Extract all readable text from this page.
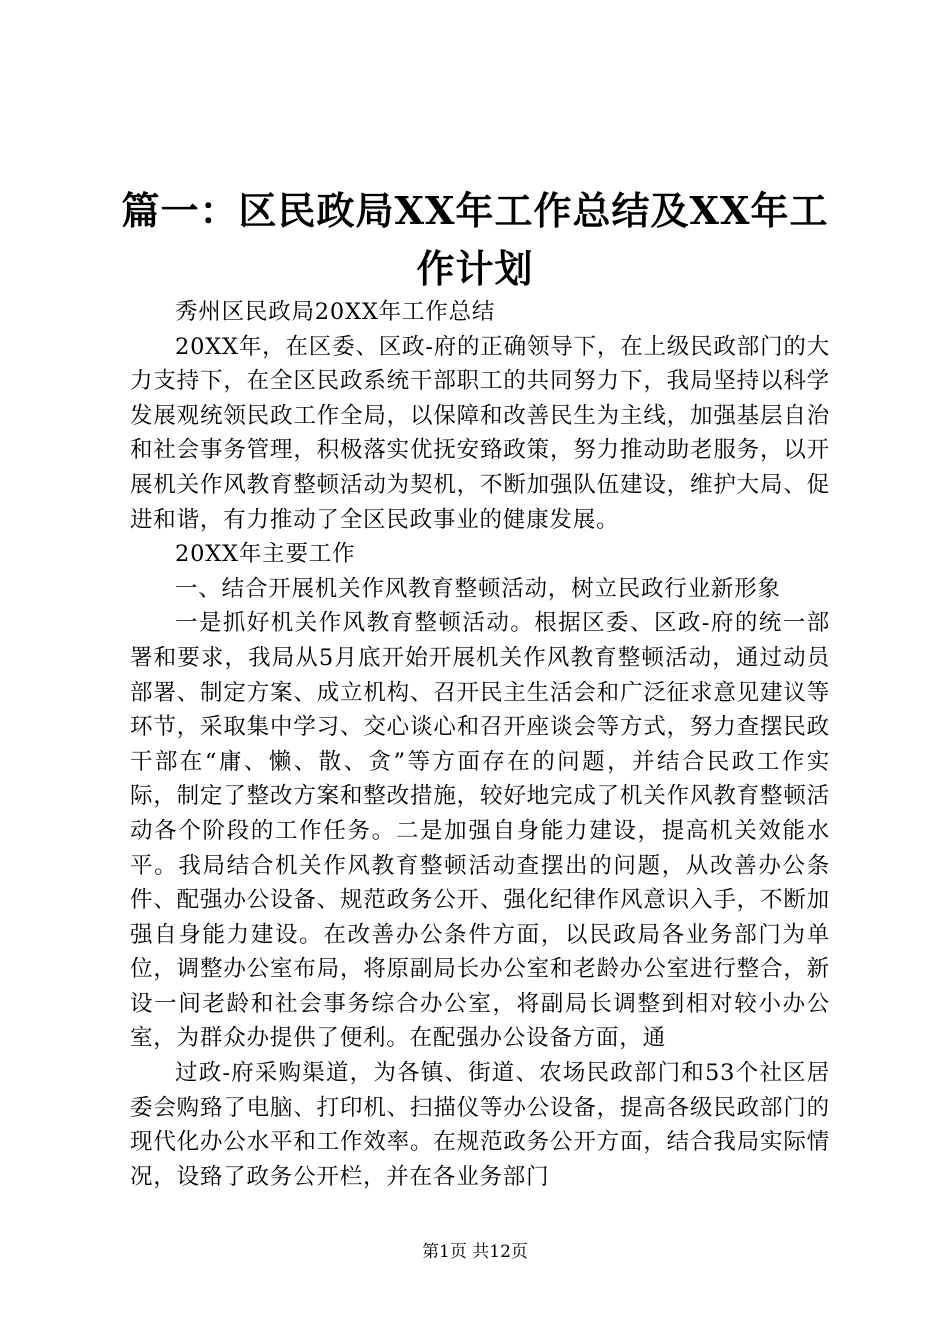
篇一：区民政局XX年工作总结及XX年工作计划

秀州区民政局20XX年工作总结

20XX年，在区委、区政-府的正确领导下，在上级民政部门的大力支持下，在全区民政系统干部职工的共同努力下，我局坚持以科学发展观统领民政工作全局，以保障和改善民生为主线，加强基层自治和社会事务管理，积极落实优抚安臵政策，努力推动助老服务，以开展机关作风教育整顿活动为契机，不断加强队伍建设，维护大局、促进和谐，有力推动了全区民政事业的健康发展。

20XX年主要工作

一、结合开展机关作风教育整顿活动，树立民政行业新形象

一是抓好机关作风教育整顿活动。根据区委、区政-府的统一部署和要求，我局从5月底开始开展机关作风教育整顿活动，通过动员部署、制定方案、成立机构、召开民主生活会和广泛征求意见建议等环节，采取集中学习、交心谈心和召开座谈会等方式，努力查摆民政干部在“庸、懒、散、贪”等方面存在的问题，并结合民政工作实际，制定了整改方案和整改措施，较好地完成了机关作风教育整顿活动各个阶段的工作任务。二是加强自身能力建设，提高机关效能水平。我局结合机关作风教育整顿活动查摆出的问题，从改善办公条件、配强办公设备、规范政务公开、强化纪律作风意识入手，不断加强自身能力建设。在改善办公条件方面，以民政局各业务部门为单位，调整办公室布局，将原副局长办公室和老龄办公室进行整合，新设一间老龄和社会事务综合办公室，将副局长调整到相对较小办公室，为群众办提供了便利。在配强办公设备方面，通

过政-府采购渠道，为各镇、街道、农场民政部门和53个社区居委会购臵了电脑、打印机、扫描仪等办公设备，提高各级民政部门的现代化办公水平和工作效率。在规范政务公开方面，结合我局实际情况，设臵了政务公开栏，并在各业务部门

第1页 共12页
